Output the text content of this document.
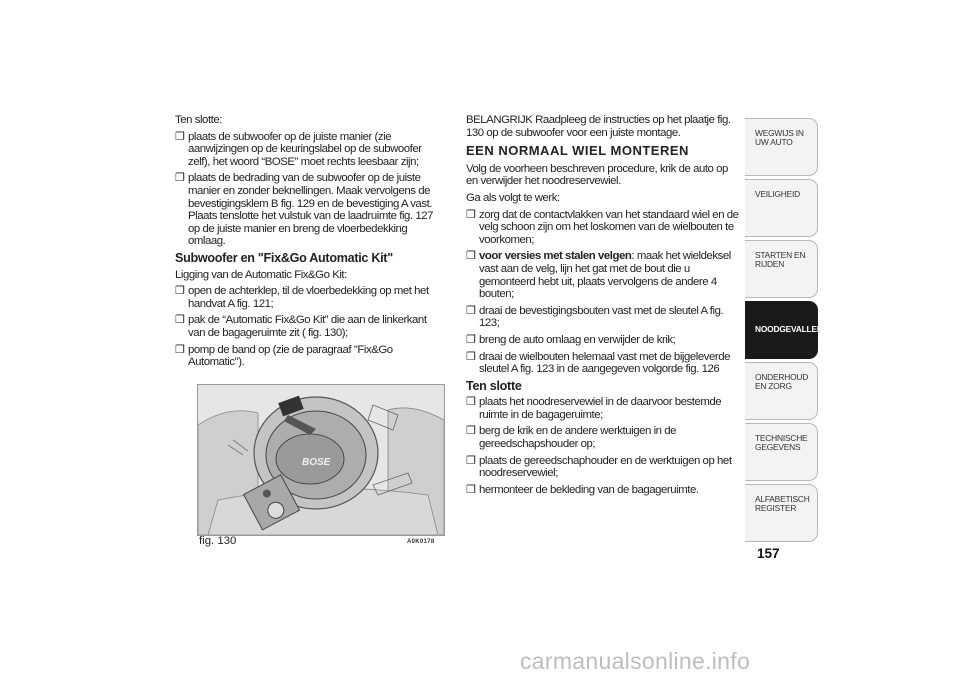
Ten slotte:

❐ plaats de subwoofer op de juiste manier (zie aanwijzingen op de keuringslabel op de subwoofer zelf), het woord “BOSE” moet rechts leesbaar zijn;
❐ plaats de bedrading van de subwoofer op de juiste manier en zonder beknellingen. Maak vervolgens de bevestigingsklem B fig. 129 en de bevestiging A vast. Plaats tenslotte het vulstuk van de laadruimte fig. 127 op de juiste manier en breng de vloerbedekking omlaag.
Subwoofer en "Fix&Go Automatic Kit"

Ligging van de Automatic Fix&Go Kit:

❐ open de achterklep, til de vloerbedekking op met het handvat A fig. 121;
❐ pak de “Automatic Fix&Go Kit” die aan de linkerkant van de bagageruimte zit ( fig. 130);
❐ pomp de band op (zie de paragraaf "Fix&Go Automatic").
BOSE
fig. 130	A0K0178

BELANGRIJK Raadpleeg de instructies op het plaatje fig. 130 op de subwoofer voor een juiste montage.

EEN NORMAAL WIEL MONTEREN

Volg de voorheen beschreven procedure, krik de auto op en verwijder het noodreservewiel.

Ga als volgt te werk:

❐ zorg dat de contactvlakken van het standaard wiel en de velg schoon zijn om het loskomen van de wielbouten te voorkomen;
❐ voor versies met stalen velgen: maak het wieldeksel vast aan de velg, lijn het gat met de bout die u gemonteerd hebt uit, plaats vervolgens de andere 4 bouten;
❐ draai de bevestigingsbouten vast met de sleutel A fig. 123;
❐ breng de auto omlaag en verwijder de krik;
❐ draai de wielbouten helemaal vast met de bijgeleverde sleutel A fig. 123 in de aangegeven volgorde fig. 126
Ten slotte
❐ plaats het noodreservewiel in de daarvoor bestemde ruimte in de bagageruimte;
❐ berg de krik en de andere werktuigen in de gereedschapshouder op;
❐ plaats de gereedschaphouder en de werktuigen op het noodreservewiel;
❐ hermonteer de bekleding van de bagageruimte.
WEGWIJS IN UW AUTO
VEILIGHEID
STARTEN EN RIJDEN
NOODGEVALLEN
ONDERHOUD EN ZORG
TECHNISCHE GEGEVENS
ALFABETISCH REGISTER
157
carmanualsonline.info
